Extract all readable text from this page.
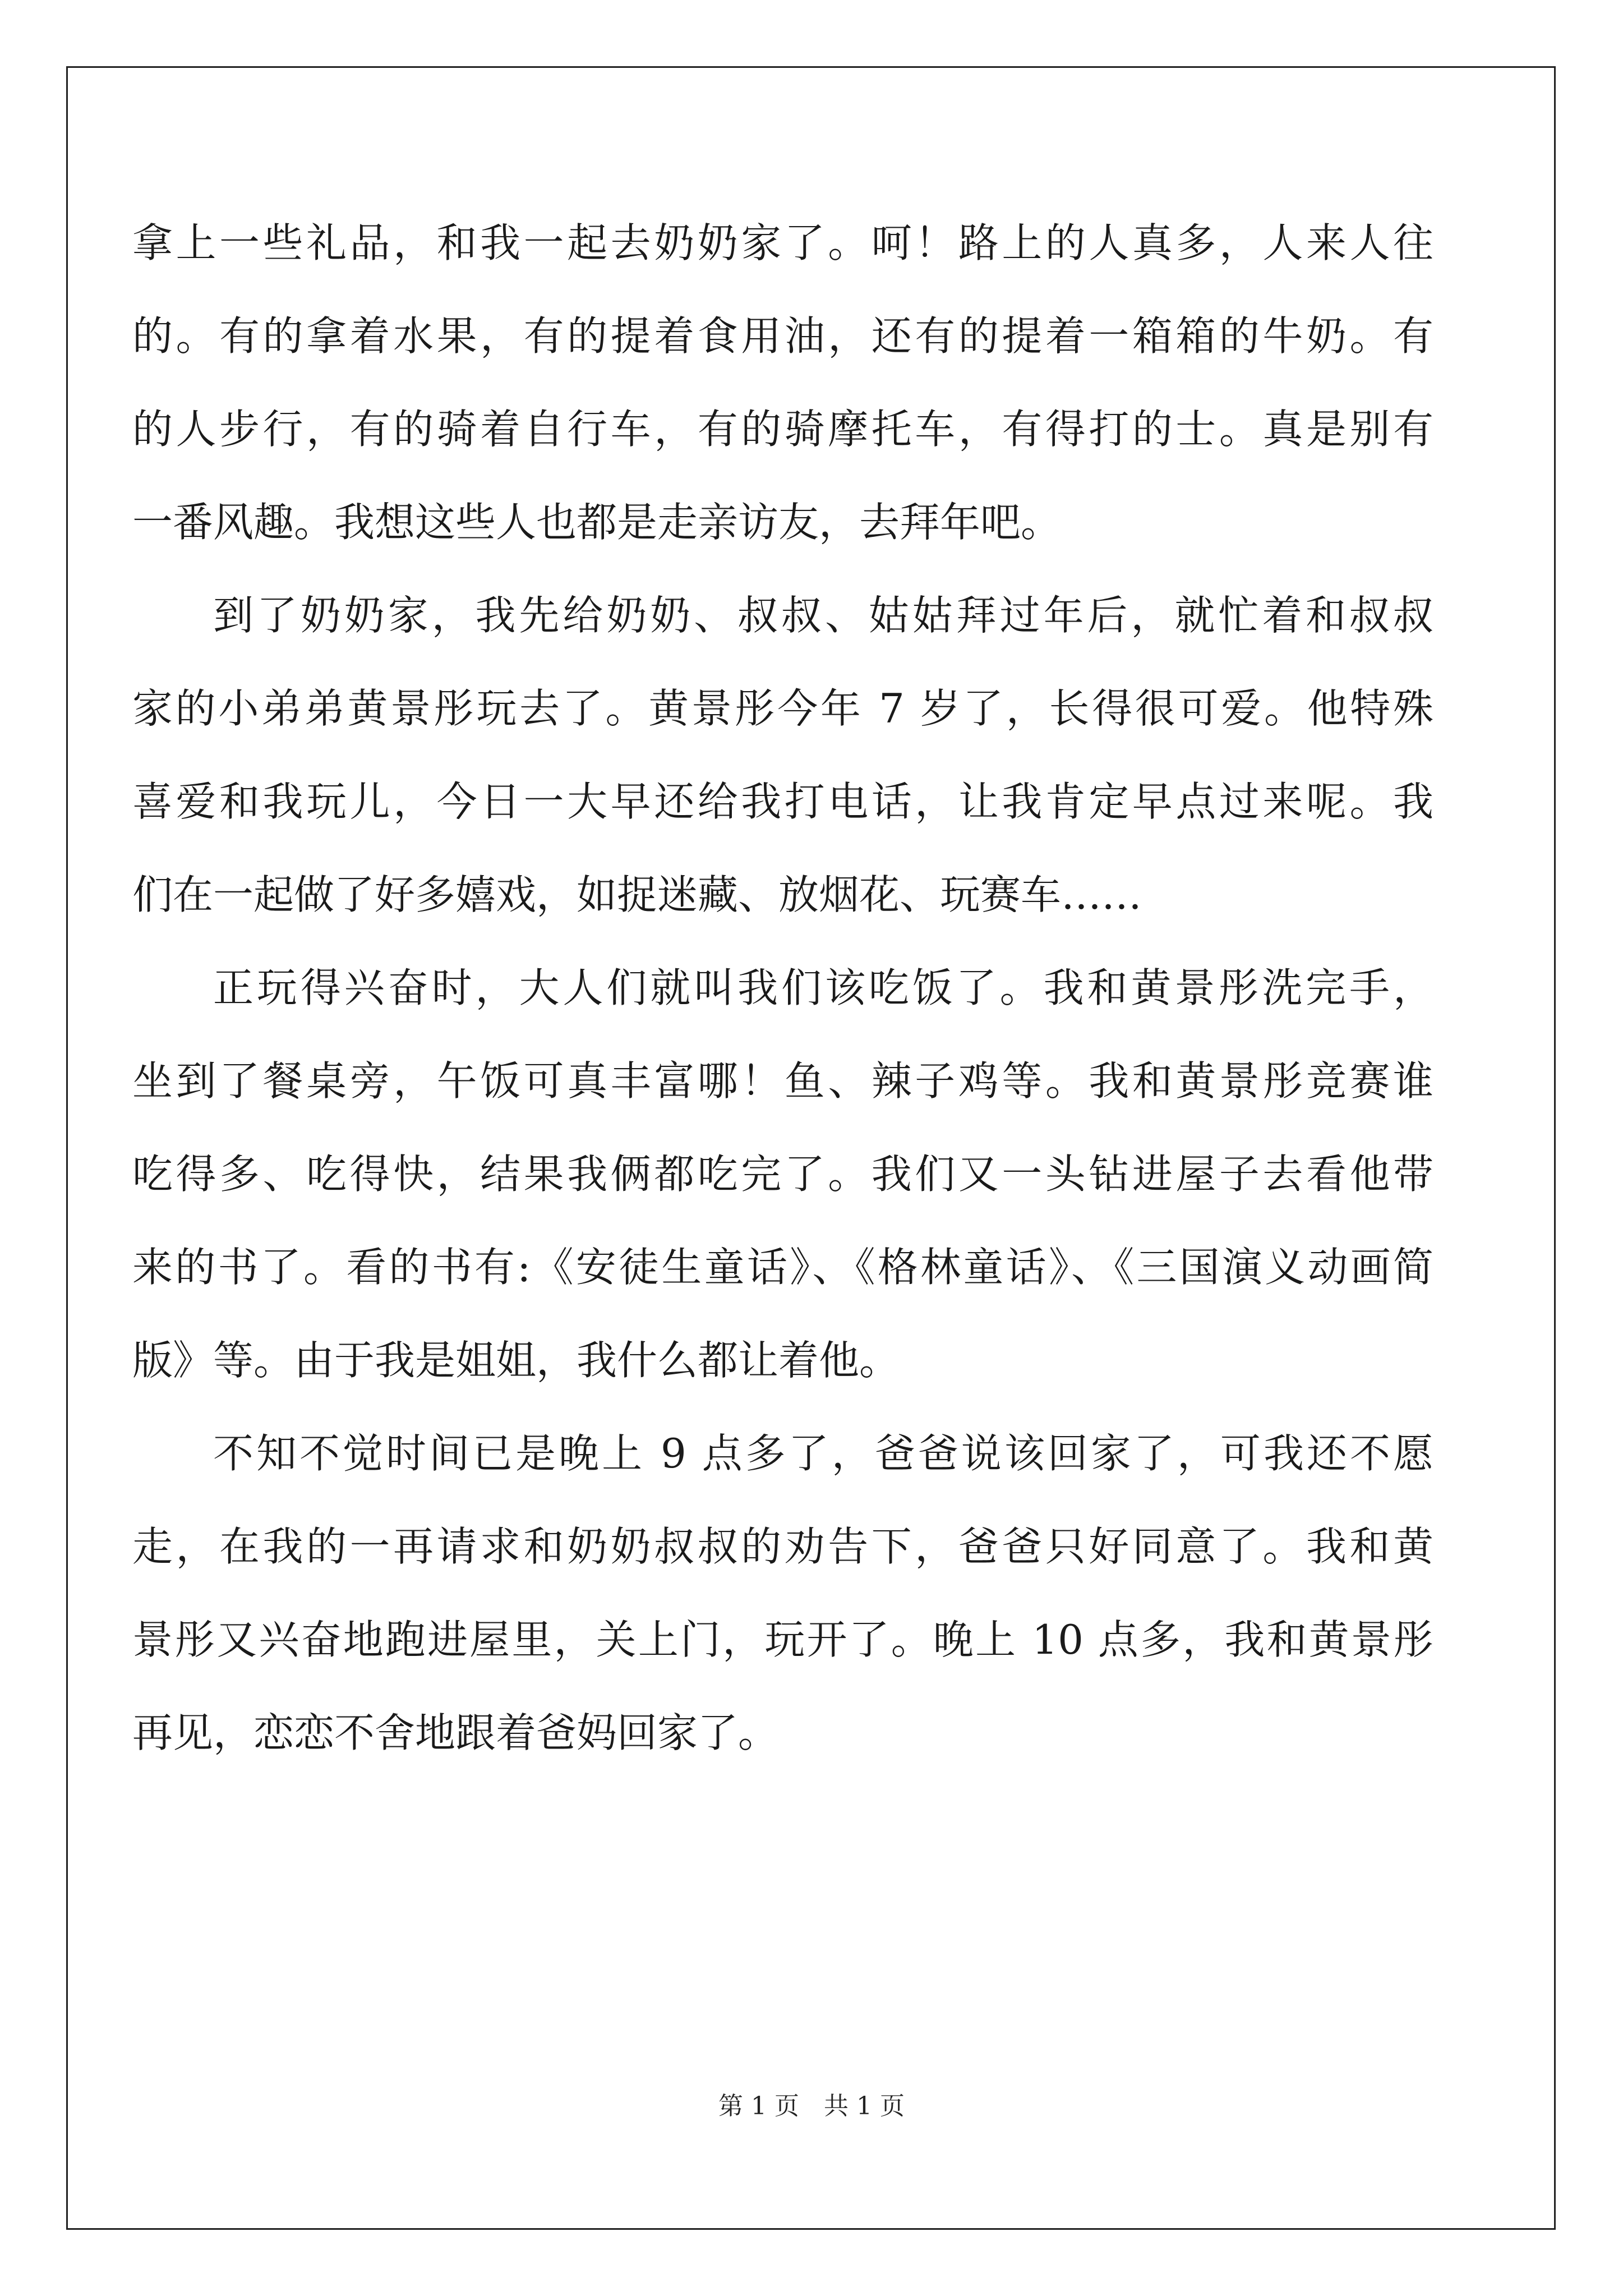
拿上一些礼品，和我一起去奶奶家了。呵！路上的人真多，人来人往
的。有的拿着水果，有的提着食用油，还有的提着一箱箱的牛奶。有
的人步行，有的骑着自行车，有的骑摩托车，有得打的士。真是别有
一番风趣。我想这些人也都是走亲访友，去拜年吧。
到了奶奶家，我先给奶奶、叔叔、姑姑拜过年后，就忙着和叔叔
家的小弟弟黄景彤玩去了。黄景彤今年 7 岁了，长得很可爱。他特殊
喜爱和我玩儿，今日一大早还给我打电话，让我肯定早点过来呢。我
们在一起做了好多嬉戏，如捉迷藏、放烟花、玩赛车……
正玩得兴奋时，大人们就叫我们该吃饭了。我和黄景彤洗完手，
坐到了餐桌旁，午饭可真丰富哪！鱼、辣子鸡等。我和黄景彤竞赛谁
吃得多、吃得快，结果我俩都吃完了。我们又一头钻进屋子去看他带
来的书了。看的书有:《安徒生童话》、《格林童话》、《三国演义动画简
版》等。由于我是姐姐，我什么都让着他。
不知不觉时间已是晚上 9 点多了，爸爸说该回家了，可我还不愿
走，在我的一再请求和奶奶叔叔的劝告下，爸爸只好同意了。我和黄
景彤又兴奋地跑进屋里，关上门，玩开了。晚上 10 点多，我和黄景彤
再见，恋恋不舍地跟着爸妈回家了。
第 1 页 共 1 页
